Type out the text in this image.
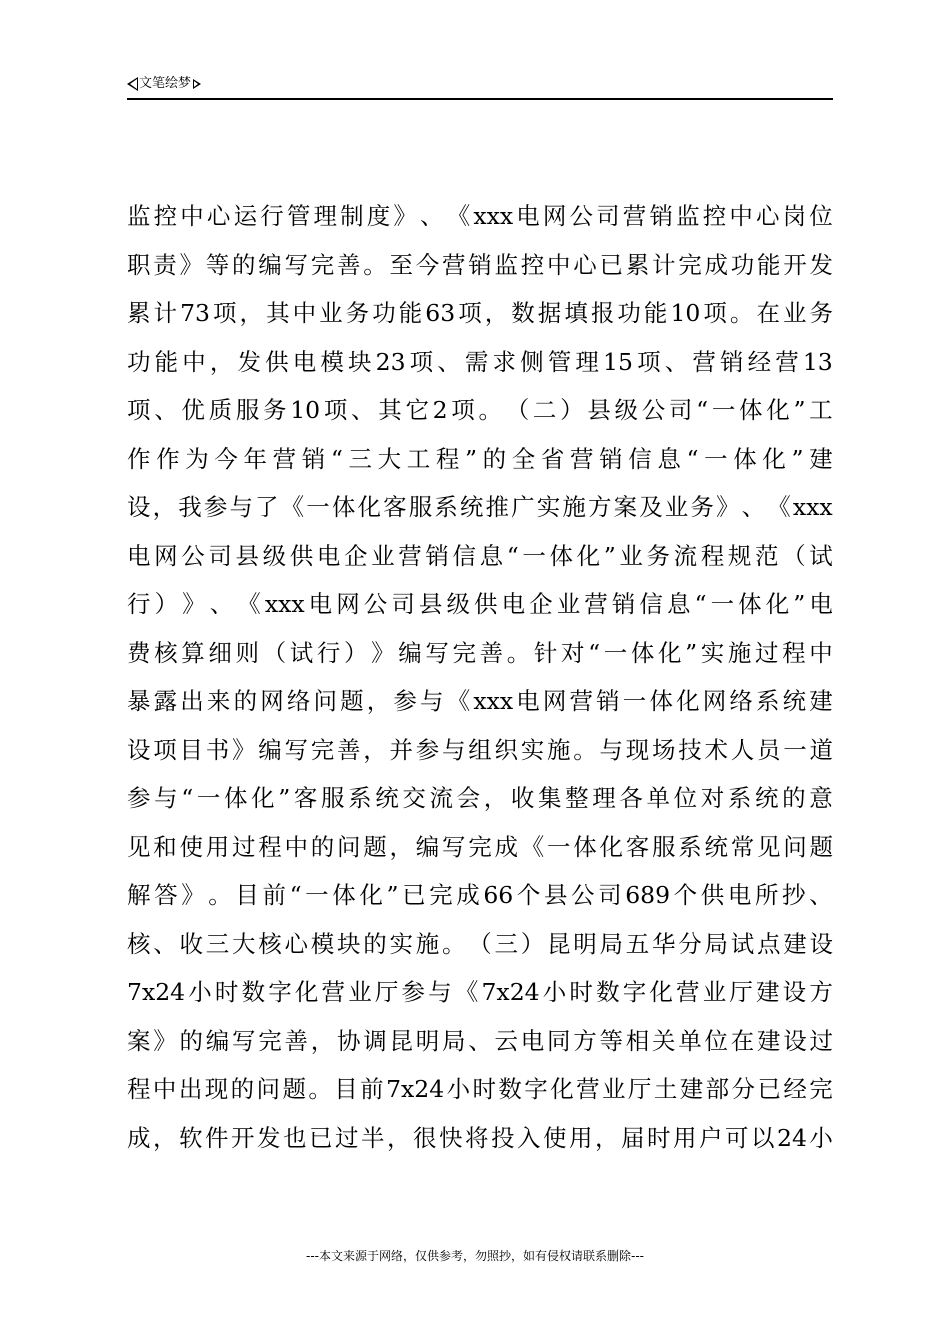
文笔绘梦
监 控 中 心 运 行 管 理 制 度 》 、 《 xxx 电 网 公 司 营 销 监 控 中 心 岗 位
职 责 》 等 的 编 写 完 善 。 至 今 营 销 监 控 中 心 已 累 计 完 成 功 能 开 发
累 计 73 项 ， 其 中 业 务 功 能 63 项 ， 数 据 填 报 功 能 10 项 。 在 业 务
功 能 中 ， 发 供 电 模 块 23 项 、 需 求 侧 管 理 15 项 、 营 销 经 营 13
项 、 优 质 服 务 10 项 、 其 它 2 项 。 （ 二 ） 县 级 公 司 “ 一 体 化 ” 工
作 作 为 今 年 营 销 “ 三 大 工 程 ” 的 全 省 营 销 信 息 “ 一 体 化 ” 建
设 ， 我 参 与 了 《 一 体 化 客 服 系 统 推 广 实 施 方 案 及 业 务 》 、 《 xxx
电 网 公 司 县 级 供 电 企 业 营 销 信 息 “ 一 体 化 ” 业 务 流 程 规 范 （ 试
行 ） 》 、 《 xxx 电 网 公 司 县 级 供 电 企 业 营 销 信 息 “ 一 体 化 ” 电
费 核 算 细 则 （ 试 行 ） 》 编 写 完 善 。 针 对 “ 一 体 化 ” 实 施 过 程 中
暴 露 出 来 的 网 络 问 题 ， 参 与 《 xxx 电 网 营 销 一 体 化 网 络 系 统 建
设 项 目 书 》 编 写 完 善 ， 并 参 与 组 织 实 施 。 与 现 场 技 术 人 员 一 道
参 与 “ 一 体 化 ” 客 服 系 统 交 流 会 ， 收 集 整 理 各 单 位 对 系 统 的 意
见 和 使 用 过 程 中 的 问 题 ， 编 写 完 成 《 一 体 化 客 服 系 统 常 见 问 题
解 答 》 。 目 前 “ 一 体 化 ” 已 完 成 66 个 县 公 司 689 个 供 电 所 抄 、
核 、 收 三 大 核 心 模 块 的 实 施 。 （ 三 ） 昆 明 局 五 华 分 局 试 点 建 设
7x24 小 时 数 字 化 营 业 厅 参 与 《 7x24 小 时 数 字 化 营 业 厅 建 设 方
案 》 的 编 写 完 善 ， 协 调 昆 明 局 、 云 电 同 方 等 相 关 单 位 在 建 设 过
程 中 出 现 的 问 题 。 目 前 7x24 小 时 数 字 化 营 业 厅 土 建 部 分 已 经 完
成 ， 软 件 开 发 也 已 过 半 ， 很 快 将 投 入 使 用 ， 届 时 用 户 可 以 24 小
---本文来源于网络，仅供参考，勿照抄，如有侵权请联系删除---
